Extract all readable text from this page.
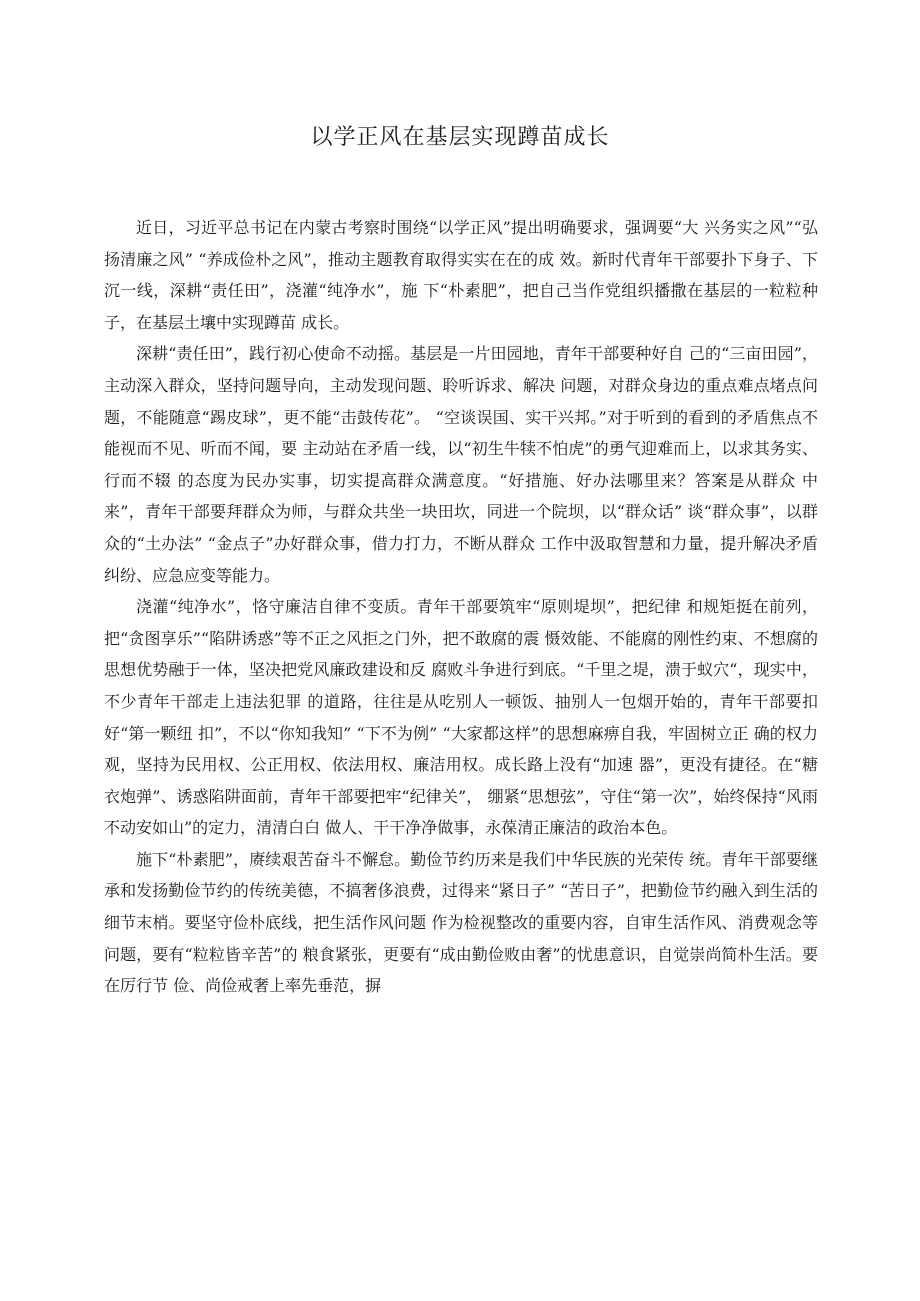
以学正风在基层实现蹲苗成长

近日，习近平总书记在内蒙古考察时围绕“以学正风”提出明确要求，强调要“大 兴务实之风”“弘扬清廉之风” “养成俭朴之风”，推动主题教育取得实实在在的成 效。新时代青年干部要扑下身子、下沉一线，深耕“责任田”，浇灌“纯净水”，施 下“朴素肥”，把自己当作党组织播撒在基层的一粒粒种子，在基层土壤中实现蹲苗 成长。

深耕“责任田”，践行初心使命不动摇。基层是一片田园地，青年干部要种好自 己的“三亩田园”，主动深入群众，坚持问题导向，主动发现问题、聆听诉求、解决 问题，对群众身边的重点难点堵点问题，不能随意“踢皮球”，更不能“击鼓传花”。 “空谈误国、实干兴邦。”对于听到的看到的矛盾焦点不能视而不见、听而不闻，要 主动站在矛盾一线，以“初生牛犊不怕虎”的勇气迎难而上，以求其务实、行而不辍 的态度为民办实事，切实提高群众满意度。“好措施、好办法哪里来？答案是从群众 中来”，青年干部要拜群众为师，与群众共坐一块田坎，同进一个院坝，以“群众话” 谈“群众事”，以群众的“土办法” “金点子”办好群众事，借力打力，不断从群众 工作中汲取智慧和力量，提升解决矛盾纠纷、应急应变等能力。

浇灌“纯净水”，恪守廉洁自律不变质。青年干部要筑牢“原则堤坝”，把纪律 和规矩挺在前列，把“贪图享乐”“陷阱诱惑”等不正之风拒之门外，把不敢腐的震 慑效能、不能腐的刚性约束、不想腐的思想优势融于一体，坚决把党风廉政建设和反 腐败斗争进行到底。“千里之堤，溃于蚁穴“，现实中，不少青年干部走上违法犯罪 的道路，往往是从吃别人一顿饭、抽别人一包烟开始的，青年干部要扣好“第一颗纽 扣”，不以“你知我知” “下不为例” “大家都这样”的思想麻痹自我，牢固树立正 确的权力观，坚持为民用权、公正用权、依法用权、廉洁用权。成长路上没有“加速 器”，更没有捷径。在“糖衣炮弹”、诱惑陷阱面前，青年干部要把牢“纪律关”， 绷紧“思想弦”，守住“第一次”，始终保持“风雨不动安如山”的定力，清清白白 做人、干干净净做事，永葆清正廉洁的政治本色。

施下“朴素肥”，赓续艰苦奋斗不懈怠。勤俭节约历来是我们中华民族的光荣传 统。青年干部要继承和发扬勤俭节约的传统美德，不搞奢侈浪费，过得来“紧日子” “苦日子”，把勤俭节约融入到生活的细节末梢。要坚守俭朴底线，把生活作风问题 作为检视整改的重要内容，自审生活作风、消费观念等问题，要有“粒粒皆辛苦”的 粮食紧张，更要有“成由勤俭败由奢”的忧患意识，自觉崇尚简朴生活。要在厉行节 俭、尚俭戒奢上率先垂范，摒
